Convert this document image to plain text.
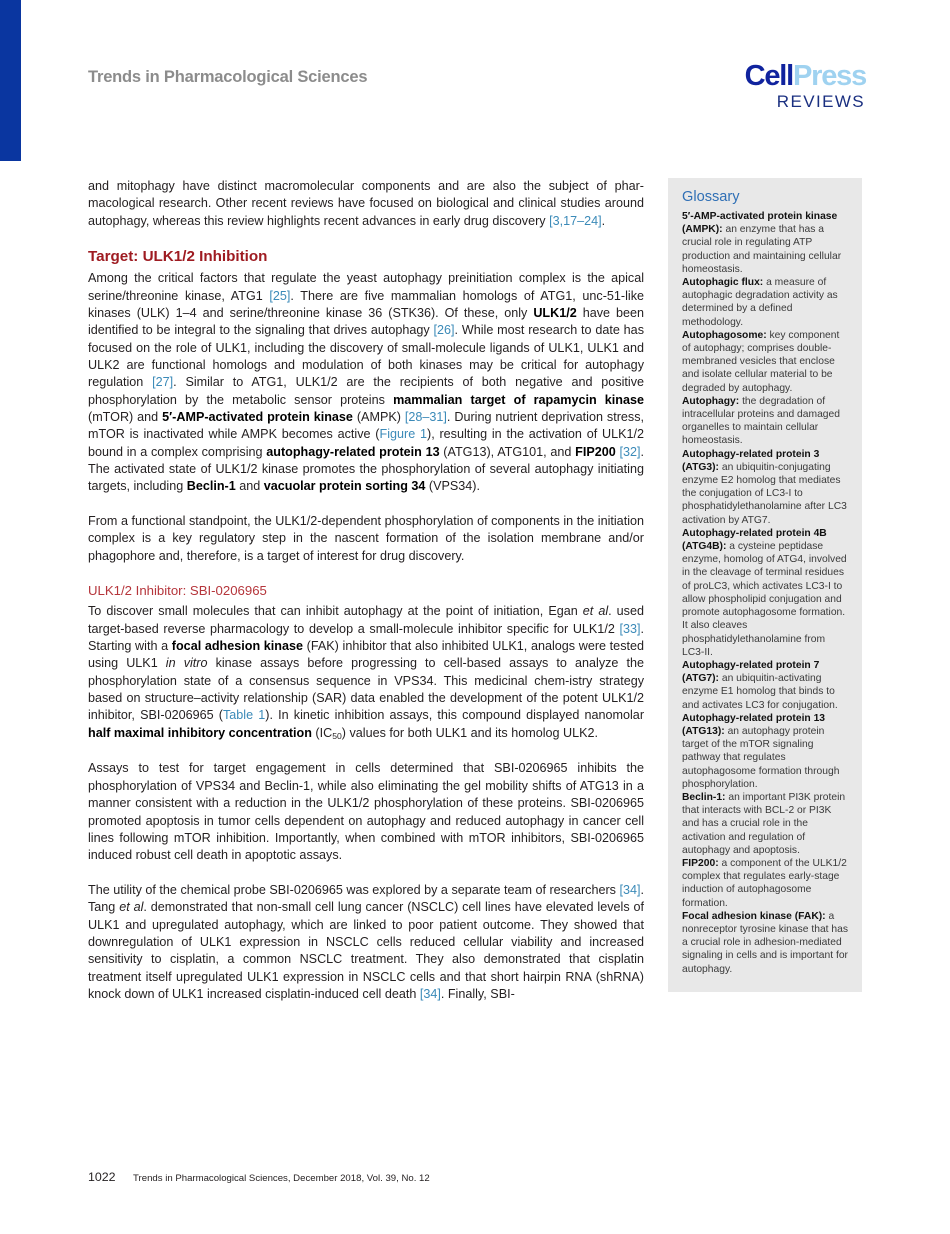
Trends in Pharmacological Sciences	CellPress
REVIEWS

and mitophagy have distinct macromolecular components and are also the subject of phar-macological research. Other recent reviews have focused on biological and clinical studies around autophagy, whereas this review highlights recent advances in early drug discovery [3,17–24].

Target: ULK1/2 Inhibition

Among the critical factors that regulate the yeast autophagy preinitiation complex is the apical serine/threonine kinase, ATG1 [25]. There are five mammalian homologs of ATG1, unc-51-like kinases (ULK) 1–4 and serine/threonine kinase 36 (STK36). Of these, only ULK1/2 have been identified to be integral to the signaling that drives autophagy [26]. While most research to date has focused on the role of ULK1, including the discovery of small-molecule ligands of ULK1, ULK1 and ULK2 are functional homologs and modulation of both kinases may be critical for autophagy regulation [27]. Similar to ATG1, ULK1/2 are the recipients of both negative and positive phosphorylation by the metabolic sensor proteins mammalian target of rapamycin kinase (mTOR) and 5′-AMP-activated protein kinase (AMPK) [28–31]. During nutrient deprivation stress, mTOR is inactivated while AMPK becomes active (Figure 1), resulting in the activation of ULK1/2 bound in a complex comprising autophagy-related protein 13 (ATG13), ATG101, and FIP200 [32]. The activated state of ULK1/2 kinase promotes the phosphorylation of several autophagy initiating targets, including Beclin-1 and vacuolar protein sorting 34 (VPS34).

From a functional standpoint, the ULK1/2-dependent phosphorylation of components in the initiation complex is a key regulatory step in the nascent formation of the isolation membrane and/or phagophore and, therefore, is a target of interest for drug discovery.

ULK1/2 Inhibitor: SBI-0206965

To discover small molecules that can inhibit autophagy at the point of initiation, Egan et al. used target-based reverse pharmacology to develop a small-molecule inhibitor specific for ULK1/2 [33]. Starting with a focal adhesion kinase (FAK) inhibitor that also inhibited ULK1, analogs were tested using ULK1 in vitro kinase assays before progressing to cell-based assays to analyze the phosphorylation state of a consensus sequence in VPS34. This medicinal chem-istry strategy based on structure–activity relationship (SAR) data enabled the development of the potent ULK1/2 inhibitor, SBI-0206965 (Table 1). In kinetic inhibition assays, this compound displayed nanomolar half maximal inhibitory concentration $(IC_{50})$ values for both ULK1 and its homolog ULK2.

Assays to test for target engagement in cells determined that SBI-0206965 inhibits the phosphorylation of VPS34 and Beclin-1, while also eliminating the gel mobility shifts of ATG13 in a manner consistent with a reduction in the ULK1/2 phosphorylation of these proteins. SBI-0206965 promoted apoptosis in tumor cells dependent on autophagy and reduced autophagy in cancer cell lines following mTOR inhibition. Importantly, when combined with mTOR inhibitors, SBI-0206965 induced robust cell death in apoptotic assays.

The utility of the chemical probe SBI-0206965 was explored by a separate team of researchers [34]. Tang et al. demonstrated that non-small cell lung cancer (NSCLC) cell lines have elevated levels of ULK1 and upregulated autophagy, which are linked to poor patient outcome. They showed that downregulation of ULK1 expression in NSCLC cells reduced cellular viability and increased sensitivity to cisplatin, a common NSCLC treatment. They also demonstrated that cisplatin treatment itself upregulated ULK1 expression in NSCLC cells and that short hairpin RNA (shRNA) knock down of ULK1 increased cisplatin-induced cell death [34]. Finally, SBI-

Glossary

5′-AMP-activated protein kinase (AMPK): an enzyme that has a crucial role in regulating ATP production and maintaining cellular homeostasis.

Autophagic flux: a measure of autophagic degradation activity as determined by a defined methodology.

Autophagosome: key component of autophagy; comprises double-membraned vesicles that enclose and isolate cellular material to be degraded by autophagy.

Autophagy: the degradation of intracellular proteins and damaged organelles to maintain cellular homeostasis.

Autophagy-related protein 3 (ATG3): an ubiquitin-conjugating enzyme E2 homolog that mediates the conjugation of LC3-I to phosphatidylethanolamine after LC3 activation by ATG7.

Autophagy-related protein 4B (ATG4B): a cysteine peptidase enzyme, homolog of ATG4, involved in the cleavage of terminal residues of proLC3, which activates LC3-I to allow phospholipid conjugation and promote autophagosome formation. It also cleaves phosphatidylethanolamine from LC3-II.

Autophagy-related protein 7 (ATG7): an ubiquitin-activating enzyme E1 homolog that binds to and activates LC3 for conjugation.

Autophagy-related protein 13 (ATG13): an autophagy protein target of the mTOR signaling pathway that regulates autophagosome formation through phosphorylation.

Beclin-1: an important PI3K protein that interacts with BCL-2 or PI3K and has a crucial role in the activation and regulation of autophagy and apoptosis.

FIP200: a component of the ULK1/2 complex that regulates early-stage induction of autophagosome formation.

Focal adhesion kinase (FAK): a nonreceptor tyrosine kinase that has a crucial role in adhesion-mediated signaling in cells and is important for autophagy.

1022 Trends in Pharmacological Sciences, December 2018, Vol. 39, No. 12
